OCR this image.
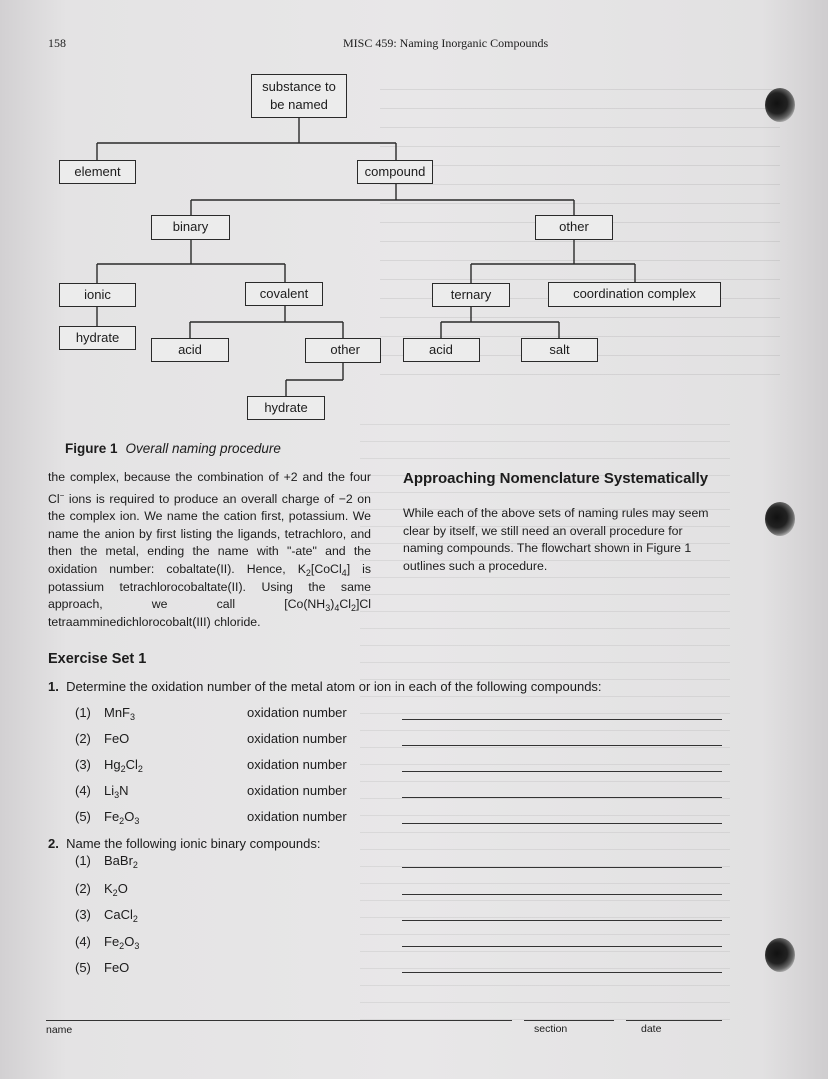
158	MISC 459: Naming Inorganic Compounds
substance to
be named
element	compound
binary	other
ionic	covalent	ternary	coordination complex
hydrate
acid	other	acid	salt
hydrate
Figure 1 Overall naming procedure
the complex, because the combination of +2 and the four Cl− ions is required to produce an overall charge of −2 on the complex ion. We name the cation first, potassium. We name the anion by first listing the ligands, tetrachloro, and then the metal, ending the name with "-ate" and the oxidation number: cobaltate(II). Hence, $K_2[CoCl_4]$ is potassium tetrachlorocobaltate(II). Using the same approach, we call $[Co(NH_3)_4Cl_2]Cl$ tetraamminedichlorocobalt(III) chloride.
Approaching Nomenclature Systematically
While each of the above sets of naming rules may seem clear by itself, we still need an overall procedure for naming compounds. The flowchart shown in Figure 1 outlines such a procedure.
Exercise Set 1
1. Determine the oxidation number of the metal atom or ion in each of the following compounds:
(1) MnF$_3$	oxidation number
(2) FeO	oxidation number
(3) $Hg_2Cl_2$	oxidation number
(4) $Li_3N$	oxidation number
(5) $Fe_2O_3$	oxidation number
2. Name the following ionic binary compounds:
(1) BaBr$_2$
(2) $K_2O$
(3) CaCl$_2$
(4) $Fe_2O_3$
(5) FeO
name	section	date
